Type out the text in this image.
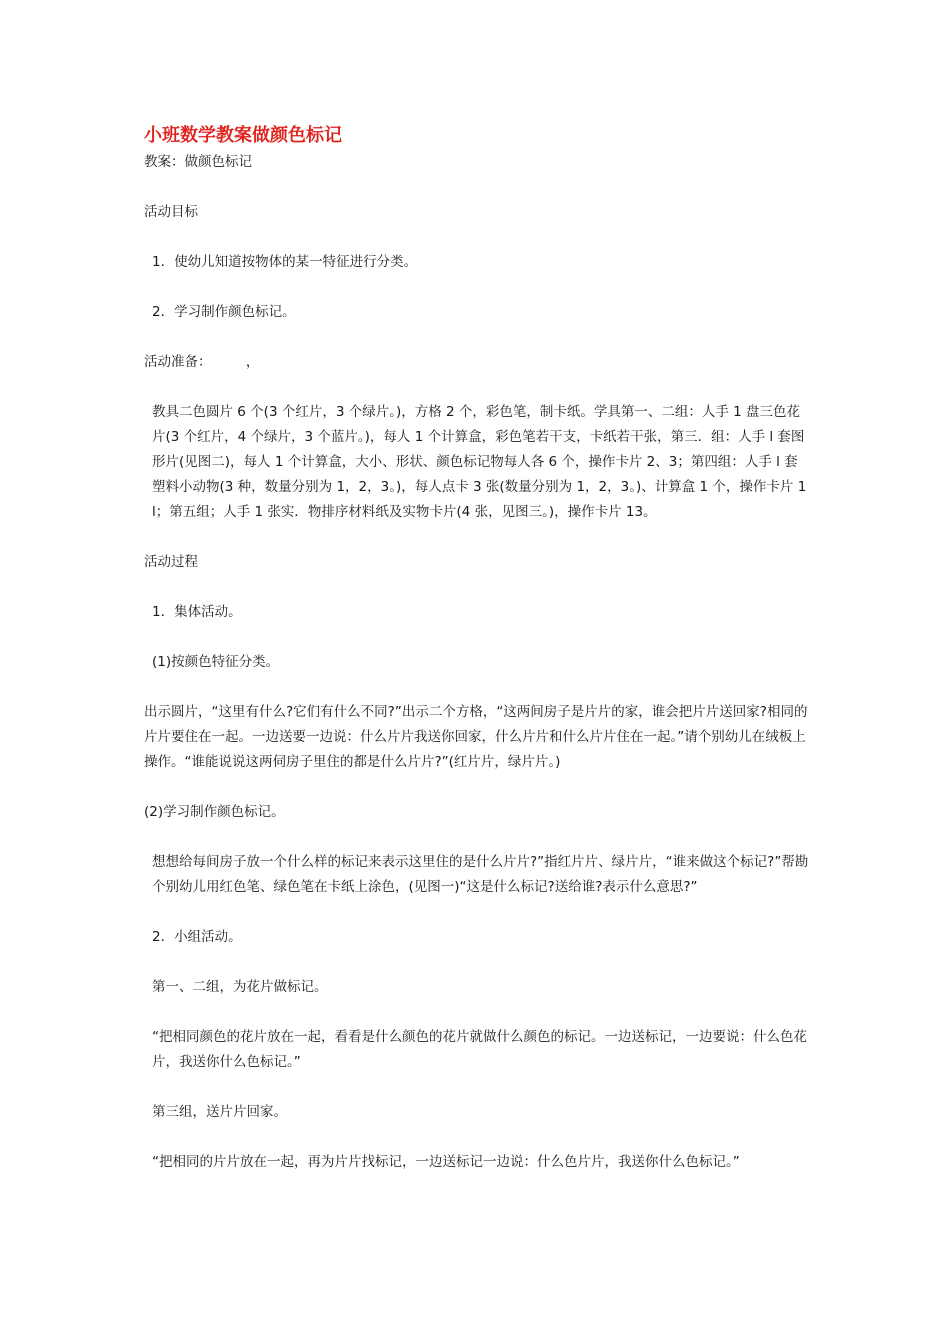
小班数学教案做颜色标记

教案：做颜色标记

活动目标

1．使幼儿知道按物体的某一特征进行分类。

2．学习制作颜色标记。

活动准备：        ，

教具二色圆片 6 个(3 个红片，3 个绿片。)，方格 2 个，彩色笔，制卡纸。学具第一、二组：人手 1 盘三色花片(3 个红片，4 个绿片，3 个蓝片。)，每人 1 个计算盒，彩色笔若干支，卡纸若干张，第三．组：人手 l 套图形片(见图二)，每人 1 个计算盒，大小、形状、颜色标记物每人各 6 个，操作卡片 2、3；第四组：人手 l 套塑料小动物(3 种，数量分别为 1，2，3。)，每人点卡 3 张(数量分别为 1，2，3。)、计算盒 1 个，操作卡片 1l；第五组；人手 1 张实．物排序材料纸及实物卡片(4 张，见图三。)，操作卡片 13。

活动过程

1．集体活动。

(1)按颜色特征分类。

出示圆片，“这里有什么?它们有什么不同?”出示二个方格，“这两间房子是片片的家，谁会把片片送回家?相同的片片要住在一起。一边送要一边说：什么片片我送你回家，什么片片和什么片片住在一起。”请个别幼儿在绒板上操作。“谁能说说这两伺房子里住的都是什么片片?”(红片片，绿片片。)

(2)学习制作颜色标记。

想想给每间房子放一个什么样的标记来表示这里住的是什么片片?”指红片片、绿片片，“谁来做这个标记?”帮勘个别幼儿用红色笔、绿色笔在卡纸上涂色，(见图一)“这是什么标记?送给谁?表示什么意思?”

2．小组活动。

第一、二组，为花片做标记。

“把相同颜色的花片放在一起，看看是什么颜色的花片就做什么颜色的标记。一边送标记，一边要说：什么色花片，我送你什么色标记。”

第三组，送片片回家。

“把相同的片片放在一起，再为片片找标记，一边送标记一边说：什么色片片，我送你什么色标记。”
